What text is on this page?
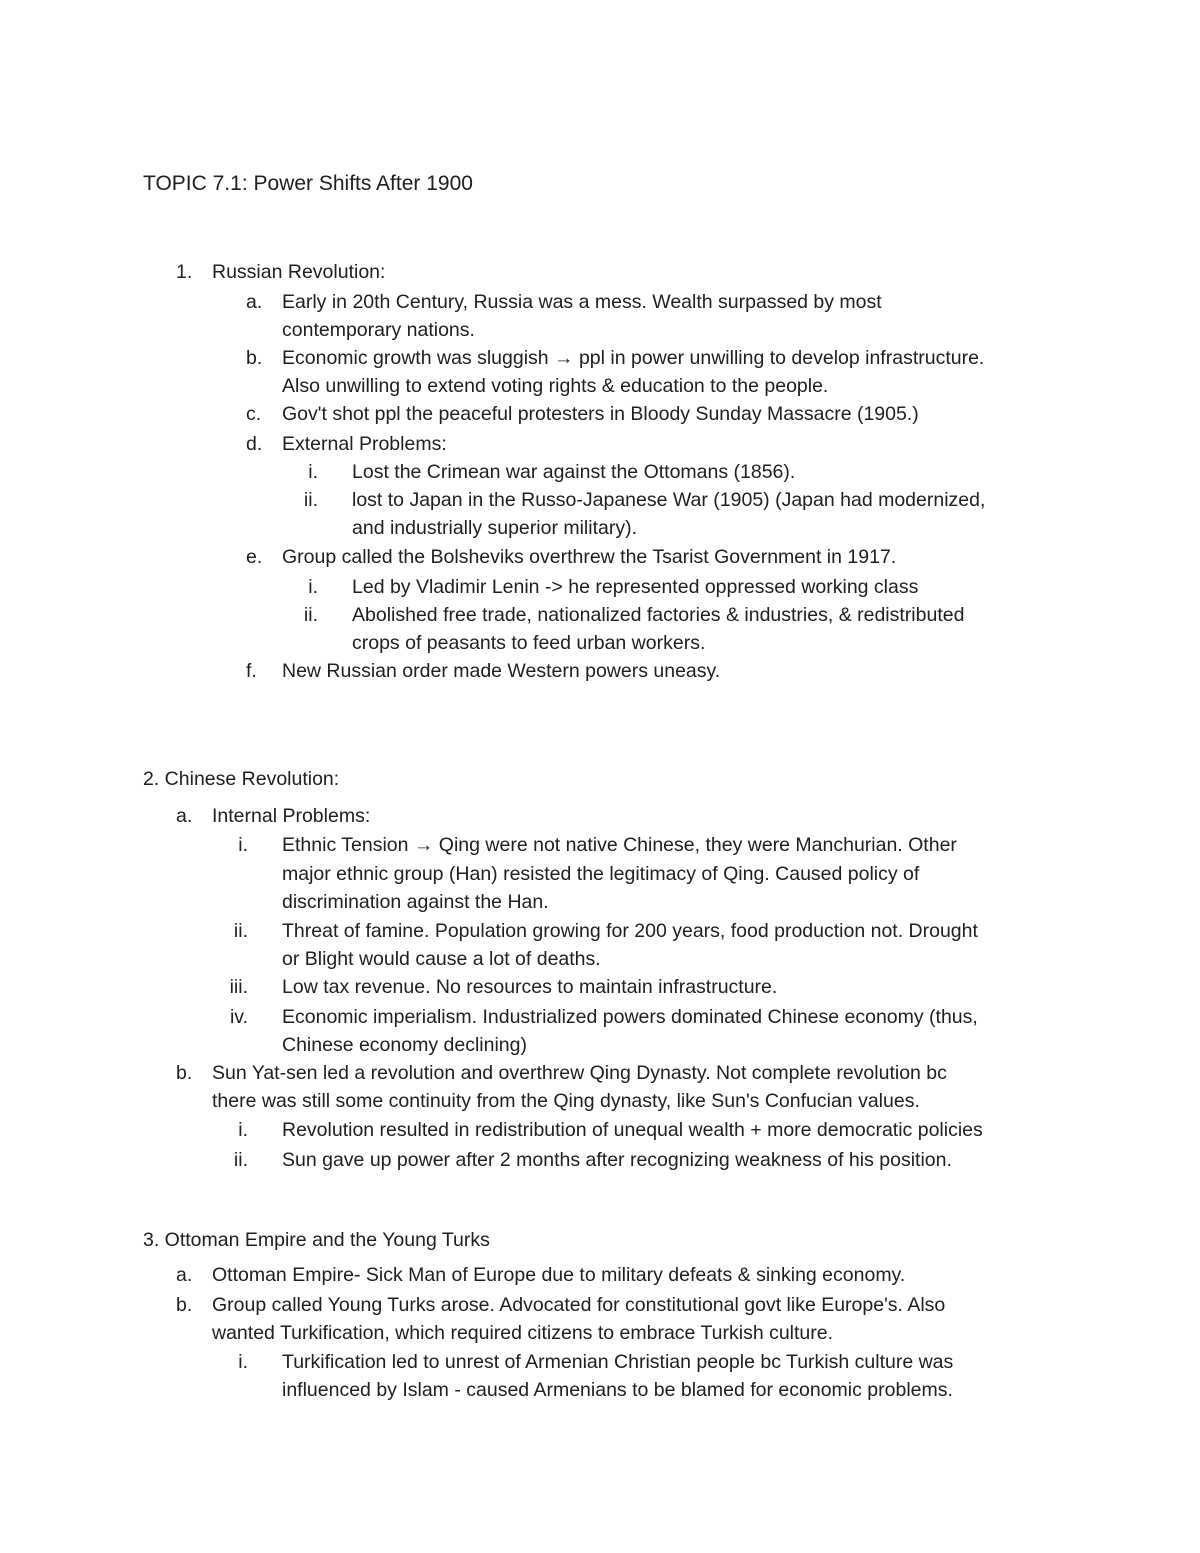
TOPIC 7.1: Power Shifts After 1900
1. Russian Revolution:
a. Early in 20th Century, Russia was a mess. Wealth surpassed by most
contemporary nations.
b. Economic growth was sluggish → ppl in power unwilling to develop infrastructure.
Also unwilling to extend voting rights & education to the people.
c. Gov't shot ppl the peaceful protesters in Bloody Sunday Massacre (1905.)
d. External Problems:
i. Lost the Crimean war against the Ottomans (1856).
ii. lost to Japan in the Russo-Japanese War (1905) (Japan had modernized,
and industrially superior military).
e. Group called the Bolsheviks overthrew the Tsarist Government in 1917.
i. Led by Vladimir Lenin -> he represented oppressed working class
ii. Abolished free trade, nationalized factories & industries, & redistributed
crops of peasants to feed urban workers.
f. New Russian order made Western powers uneasy.
2. Chinese Revolution:
a. Internal Problems:
i. Ethnic Tension → Qing were not native Chinese, they were Manchurian. Other
major ethnic group (Han) resisted the legitimacy of Qing. Caused policy of
discrimination against the Han.
ii. Threat of famine. Population growing for 200 years, food production not. Drought
or Blight would cause a lot of deaths.
iii. Low tax revenue. No resources to maintain infrastructure.
iv. Economic imperialism. Industrialized powers dominated Chinese economy (thus,
Chinese economy declining)
b. Sun Yat-sen led a revolution and overthrew Qing Dynasty. Not complete revolution bc
there was still some continuity from the Qing dynasty, like Sun's Confucian values.
i. Revolution resulted in redistribution of unequal wealth + more democratic policies
ii. Sun gave up power after 2 months after recognizing weakness of his position.
3. Ottoman Empire and the Young Turks
a. Ottoman Empire- Sick Man of Europe due to military defeats & sinking economy.
b. Group called Young Turks arose. Advocated for constitutional govt like Europe's. Also
wanted Turkification, which required citizens to embrace Turkish culture.
i. Turkification led to unrest of Armenian Christian people bc Turkish culture was
influenced by Islam - caused Armenians to be blamed for economic problems.
